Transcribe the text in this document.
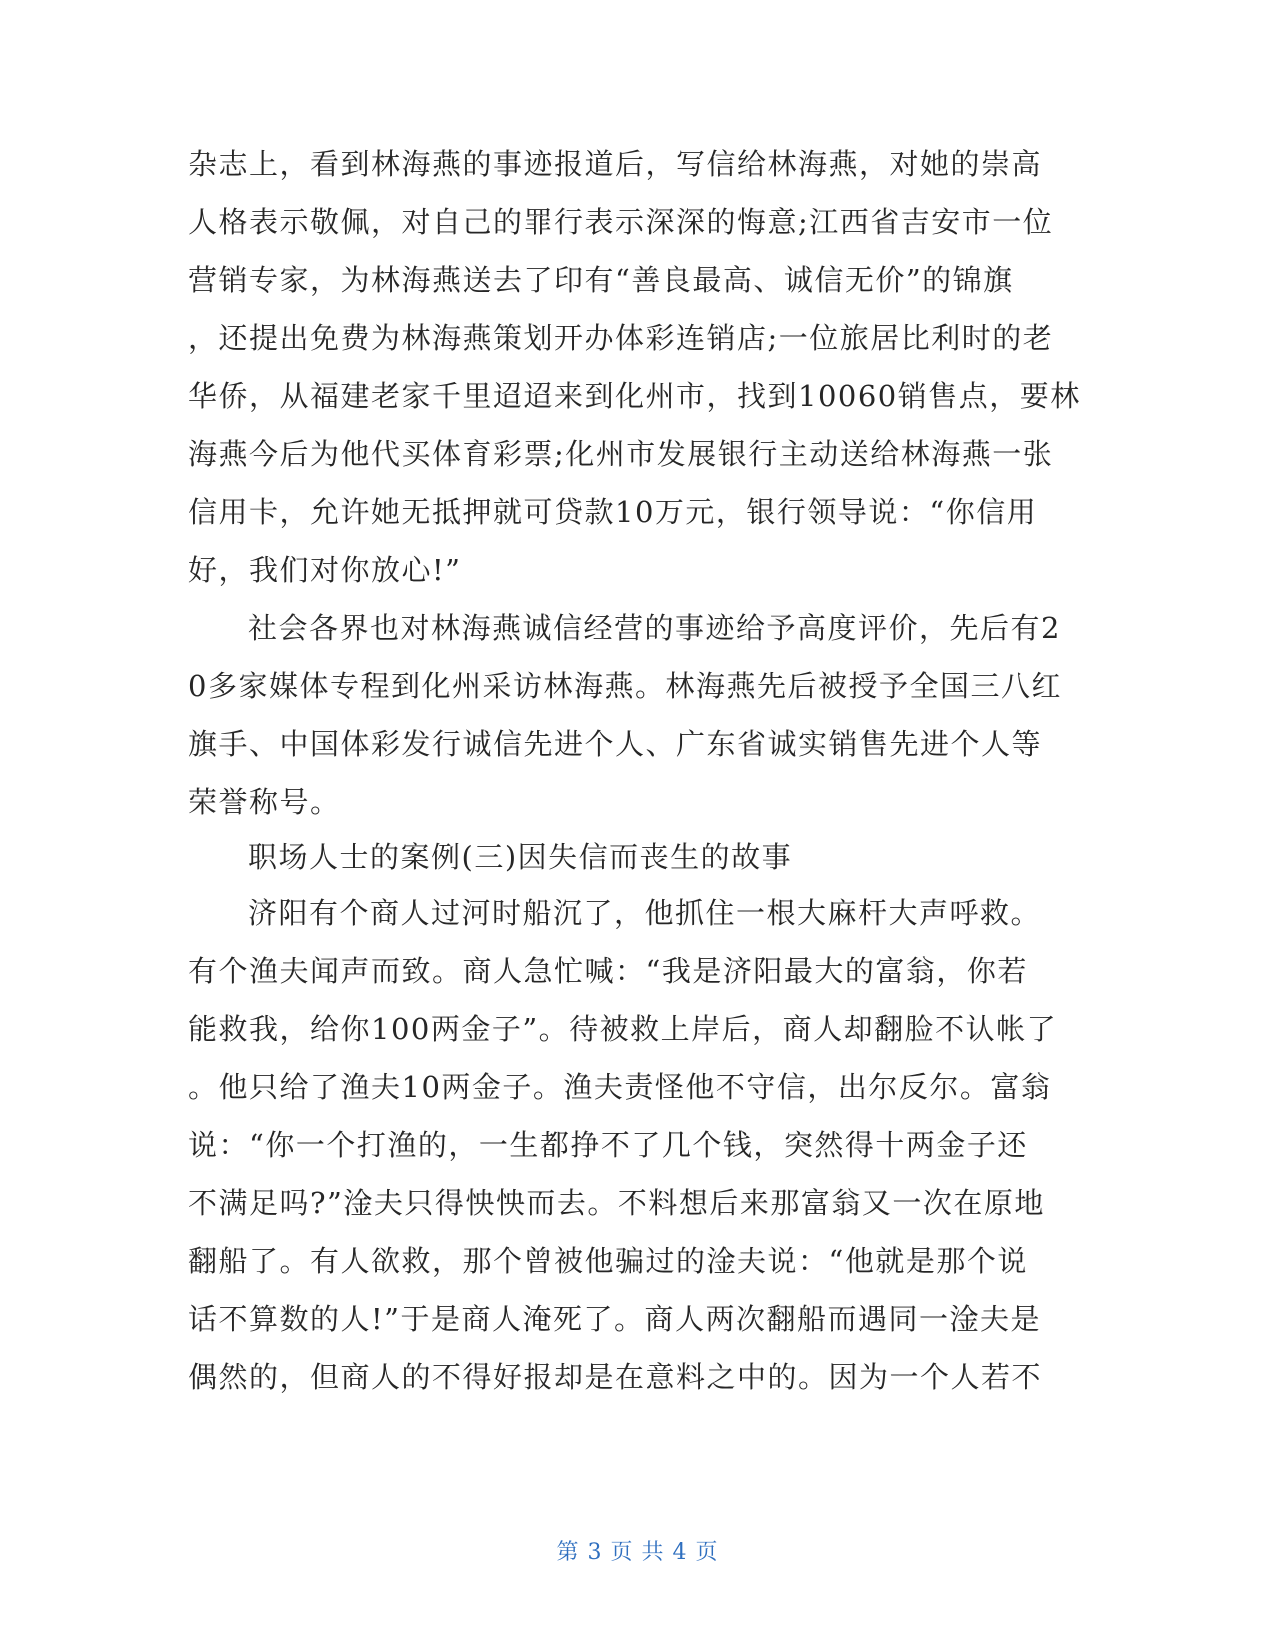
杂志上，看到林海燕的事迹报道后，写信给林海燕，对她的崇高
人格表示敬佩，对自己的罪行表示深深的悔意;江西省吉安市一位
营销专家，为林海燕送去了印有“善良最高、诚信无价”的锦旗
，还提出免费为林海燕策划开办体彩连销店;一位旅居比利时的老
华侨，从福建老家千里迢迢来到化州市，找到10060销售点，要林
海燕今后为他代买体育彩票;化州市发展银行主动送给林海燕一张
信用卡，允许她无抵押就可贷款10万元，银行领导说：“你信用
好，我们对你放心!”
社会各界也对林海燕诚信经营的事迹给予高度评价，先后有2
0多家媒体专程到化州采访林海燕。林海燕先后被授予全国三八红
旗手、中国体彩发行诚信先进个人、广东省诚实销售先进个人等
荣誉称号。
职场人士的案例(三)因失信而丧生的故事
济阳有个商人过河时船沉了，他抓住一根大麻杆大声呼救。
有个渔夫闻声而致。商人急忙喊：“我是济阳最大的富翁，你若
能救我，给你100两金子”。待被救上岸后，商人却翻脸不认帐了
。他只给了渔夫10两金子。渔夫责怪他不守信，出尔反尔。富翁
说：“你一个打渔的，一生都挣不了几个钱，突然得十两金子还
不满足吗?”淦夫只得怏怏而去。不料想后来那富翁又一次在原地
翻船了。有人欲救，那个曾被他骗过的淦夫说：“他就是那个说
话不算数的人!”于是商人淹死了。商人两次翻船而遇同一淦夫是
偶然的，但商人的不得好报却是在意料之中的。因为一个人若不
第 3 页 共 4 页
